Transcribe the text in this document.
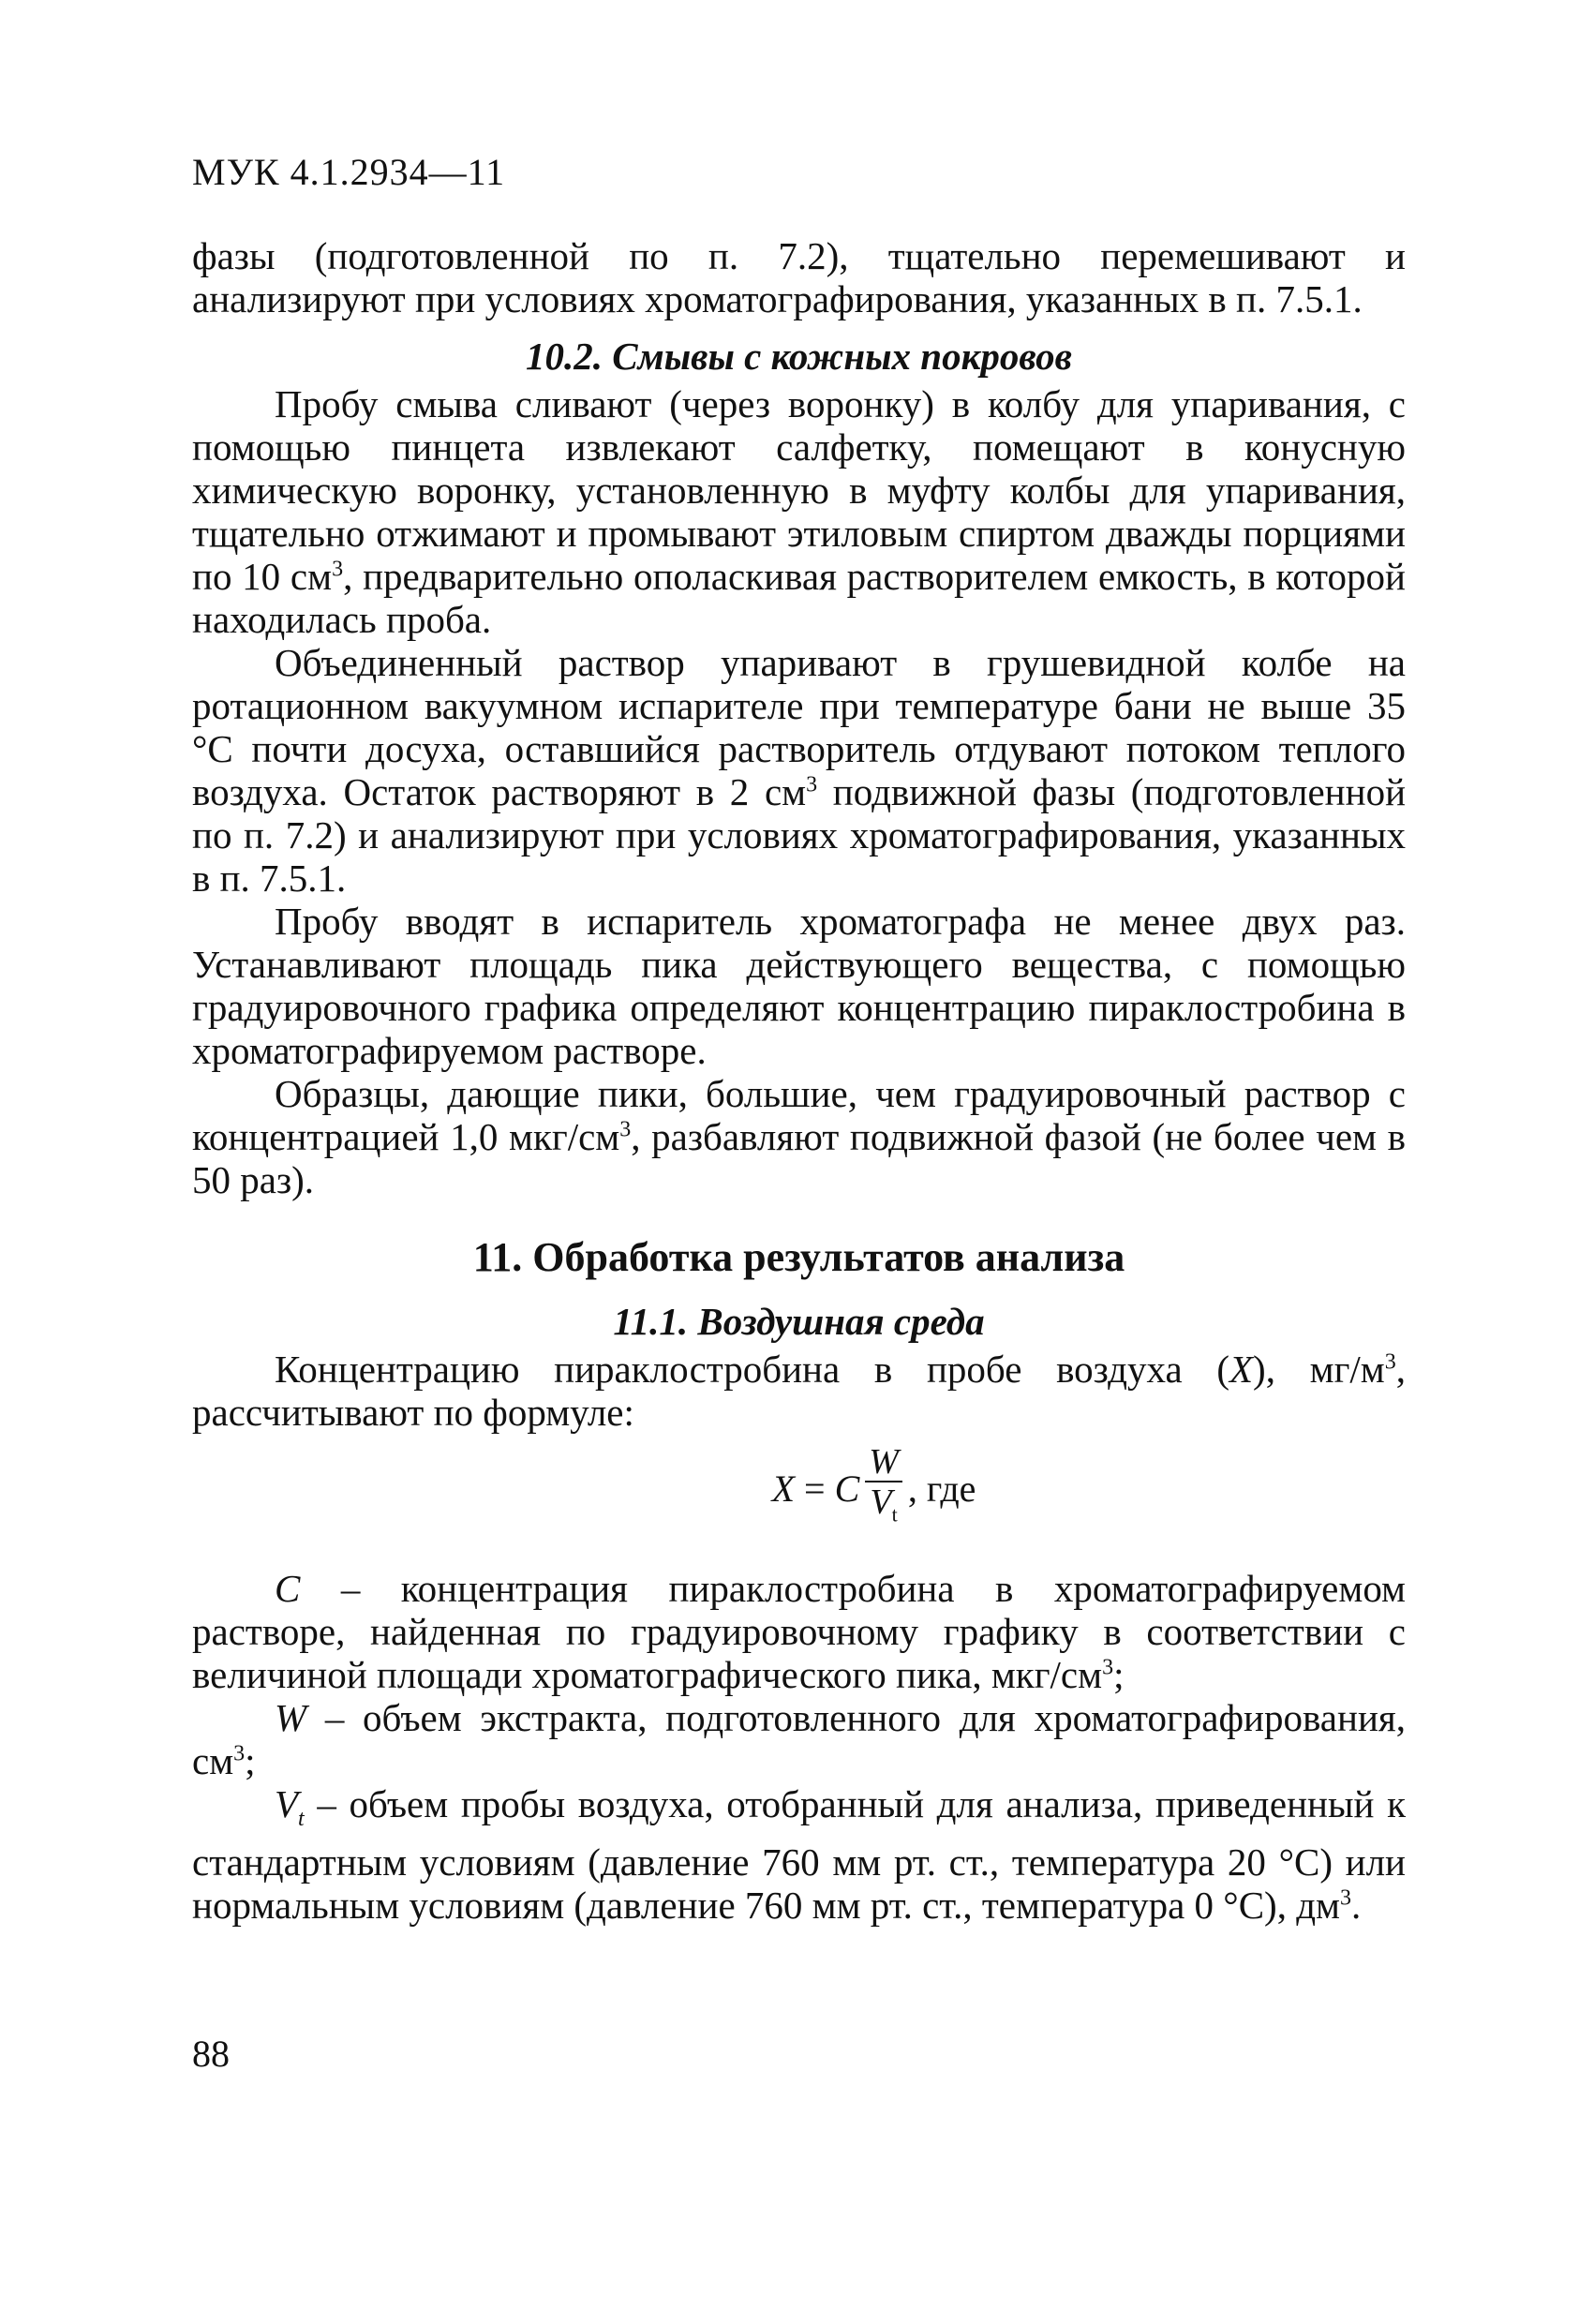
МУК 4.1.2934—11

фазы (подготовленной по п. 7.2), тщательно перемешивают и анализируют при условиях хроматографирования, указанных в п. 7.5.1.

10.2. Смывы с кожных покровов

Пробу смыва сливают (через воронку) в колбу для упаривания, с помощью пинцета извлекают салфетку, помещают в конусную химическую воронку, установленную в муфту колбы для упаривания, тщательно отжимают и промывают этиловым спиртом дважды порциями по 10 $см^3$, предварительно ополаскивая растворителем емкость, в которой находилась проба.

Объединенный раствор упаривают в грушевидной колбе на ротационном вакуумном испарителе при температуре бани не выше 35 °С почти досуха, оставшийся растворитель отдувают потоком теплого воздуха. Остаток растворяют в 2 $см^3$ подвижной фазы (подготовленной по п. 7.2) и анализируют при условиях хроматографирования, указанных в п. 7.5.1.

Пробу вводят в испаритель хроматографа не менее двух раз. Устанавливают площадь пика действующего вещества, с помощью градуировочного графика определяют концентрацию пираклостробина в хроматографируемом растворе.

Образцы, дающие пики, большие, чем градуировочный раствор с концентрацией 1,0 мкг/$см^3$, разбавляют подвижной фазой (не более чем в 50 раз).

11. Обработка результатов анализа
11.1. Воздушная среда

Концентрацию пираклостробина в пробе воздуха (X), $мг/м^3$, рассчитывают по формуле:

X = C $\frac{W}{V_t}$ , где

C – концентрация пираклостробина в хроматографируемом растворе, найденная по градуировочному графику в соответствии с величиной площади хроматографического пика, мкг/$см^3$;

W – объем экстракта, подготовленного для хроматографирования, $см^3$;

$V_t$ – объем пробы воздуха, отобранный для анализа, приведенный к стандартным условиям (давление 760 мм рт. ст., температура 20 °С) или нормальным условиям (давление 760 мм рт. ст., температура 0 °С), $дм^3$.

88
